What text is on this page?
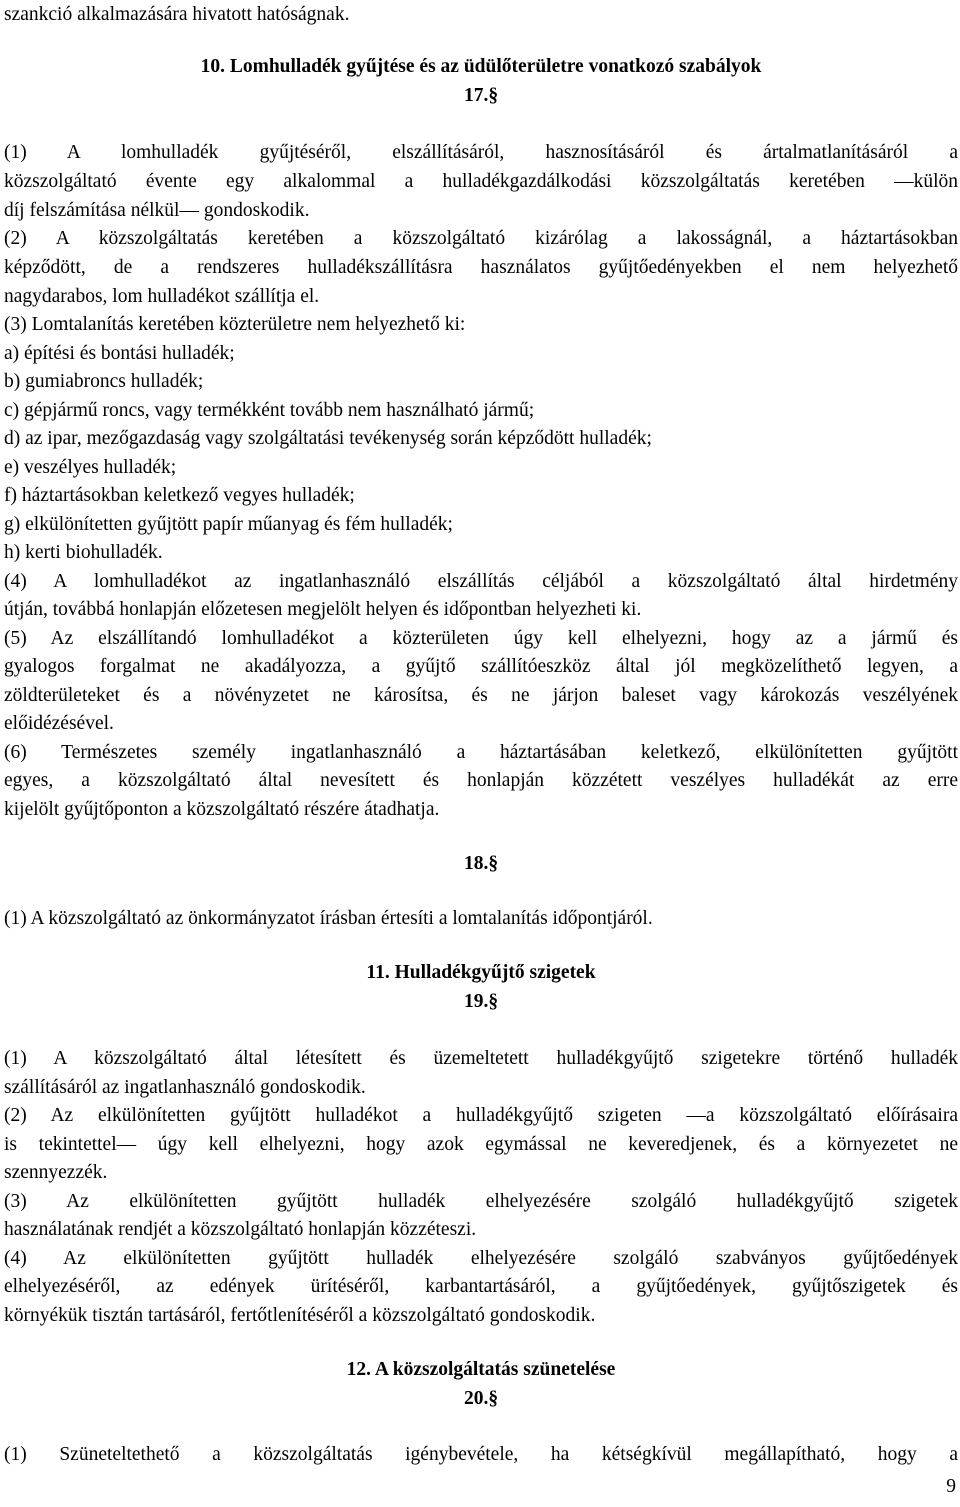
szankció alkalmazására hivatott hatóságnak.
10. Lomhulladék gyűjtése és az üdülőterületre vonatkozó szabályok
17.§
(1) A lomhulladék gyűjtéséről, elszállításáról, hasznosításáról és ártalmatlanításáról a
közszolgáltató évente egy alkalommal a hulladékgazdálkodási közszolgáltatás keretében ―külön
díj felszámítása nélkül― gondoskodik.
(2) A közszolgáltatás keretében a közszolgáltató kizárólag a lakosságnál, a háztartásokban
képződött, de a rendszeres hulladékszállításra használatos gyűjtőedényekben el nem helyezhető
nagydarabos, lom hulladékot szállítja el.
(3) Lomtalanítás keretében közterületre nem helyezhető ki:
a) építési és bontási hulladék;
b) gumiabroncs hulladék;
c) gépjármű roncs, vagy termékként tovább nem használható jármű;
d) az ipar, mezőgazdaság vagy szolgáltatási tevékenység során képződött hulladék;
e) veszélyes hulladék;
f) háztartásokban keletkező vegyes hulladék;
g) elkülönítetten gyűjtött papír műanyag és fém hulladék;
h) kerti biohulladék.
(4) A lomhulladékot az ingatlanhasználó elszállítás céljából a közszolgáltató által hirdetmény
útján, továbbá honlapján előzetesen megjelölt helyen és időpontban helyezheti ki.
(5) Az elszállítandó lomhulladékot a közterületen úgy kell elhelyezni, hogy az a jármű és
gyalogos forgalmat ne akadályozza, a gyűjtő szállítóeszköz által jól megközelíthető legyen, a
zöldterületeket és a növényzetet ne károsítsa, és ne járjon baleset vagy károkozás veszélyének
előidézésével.
(6) Természetes személy ingatlanhasználó a háztartásában keletkező, elkülönítetten gyűjtött
egyes, a közszolgáltató által nevesített és honlapján közzétett veszélyes hulladékát az erre
kijelölt gyűjtőponton a közszolgáltató részére átadhatja.
18.§
(1) A közszolgáltató az önkormányzatot írásban értesíti a lomtalanítás időpontjáról.
11. Hulladékgyűjtő szigetek
19.§
(1) A közszolgáltató által létesített és üzemeltetett hulladékgyűjtő szigetekre történő hulladék
szállításáról az ingatlanhasználó gondoskodik.
(2) Az elkülönítetten gyűjtött hulladékot a hulladékgyűjtő szigeten ―a közszolgáltató előírásaira
is tekintettel― úgy kell elhelyezni, hogy azok egymással ne keveredjenek, és a környezetet ne
szennyezzék.
(3) Az elkülönítetten gyűjtött hulladék elhelyezésére szolgáló hulladékgyűjtő szigetek
használatának rendjét a közszolgáltató honlapján közzéteszi.
(4) Az elkülönítetten gyűjtött hulladék elhelyezésére szolgáló szabványos gyűjtőedények
elhelyezéséről, az edények ürítéséről, karbantartásáról, a gyűjtőedények, gyűjtőszigetek és
környékük tisztán tartásáról, fertőtlenítéséről a közszolgáltató gondoskodik.
12. A közszolgáltatás szünetelése
20.§
(1) Szüneteltethető a közszolgáltatás igénybevétele, ha kétségkívül megállapítható, hogy a
9
